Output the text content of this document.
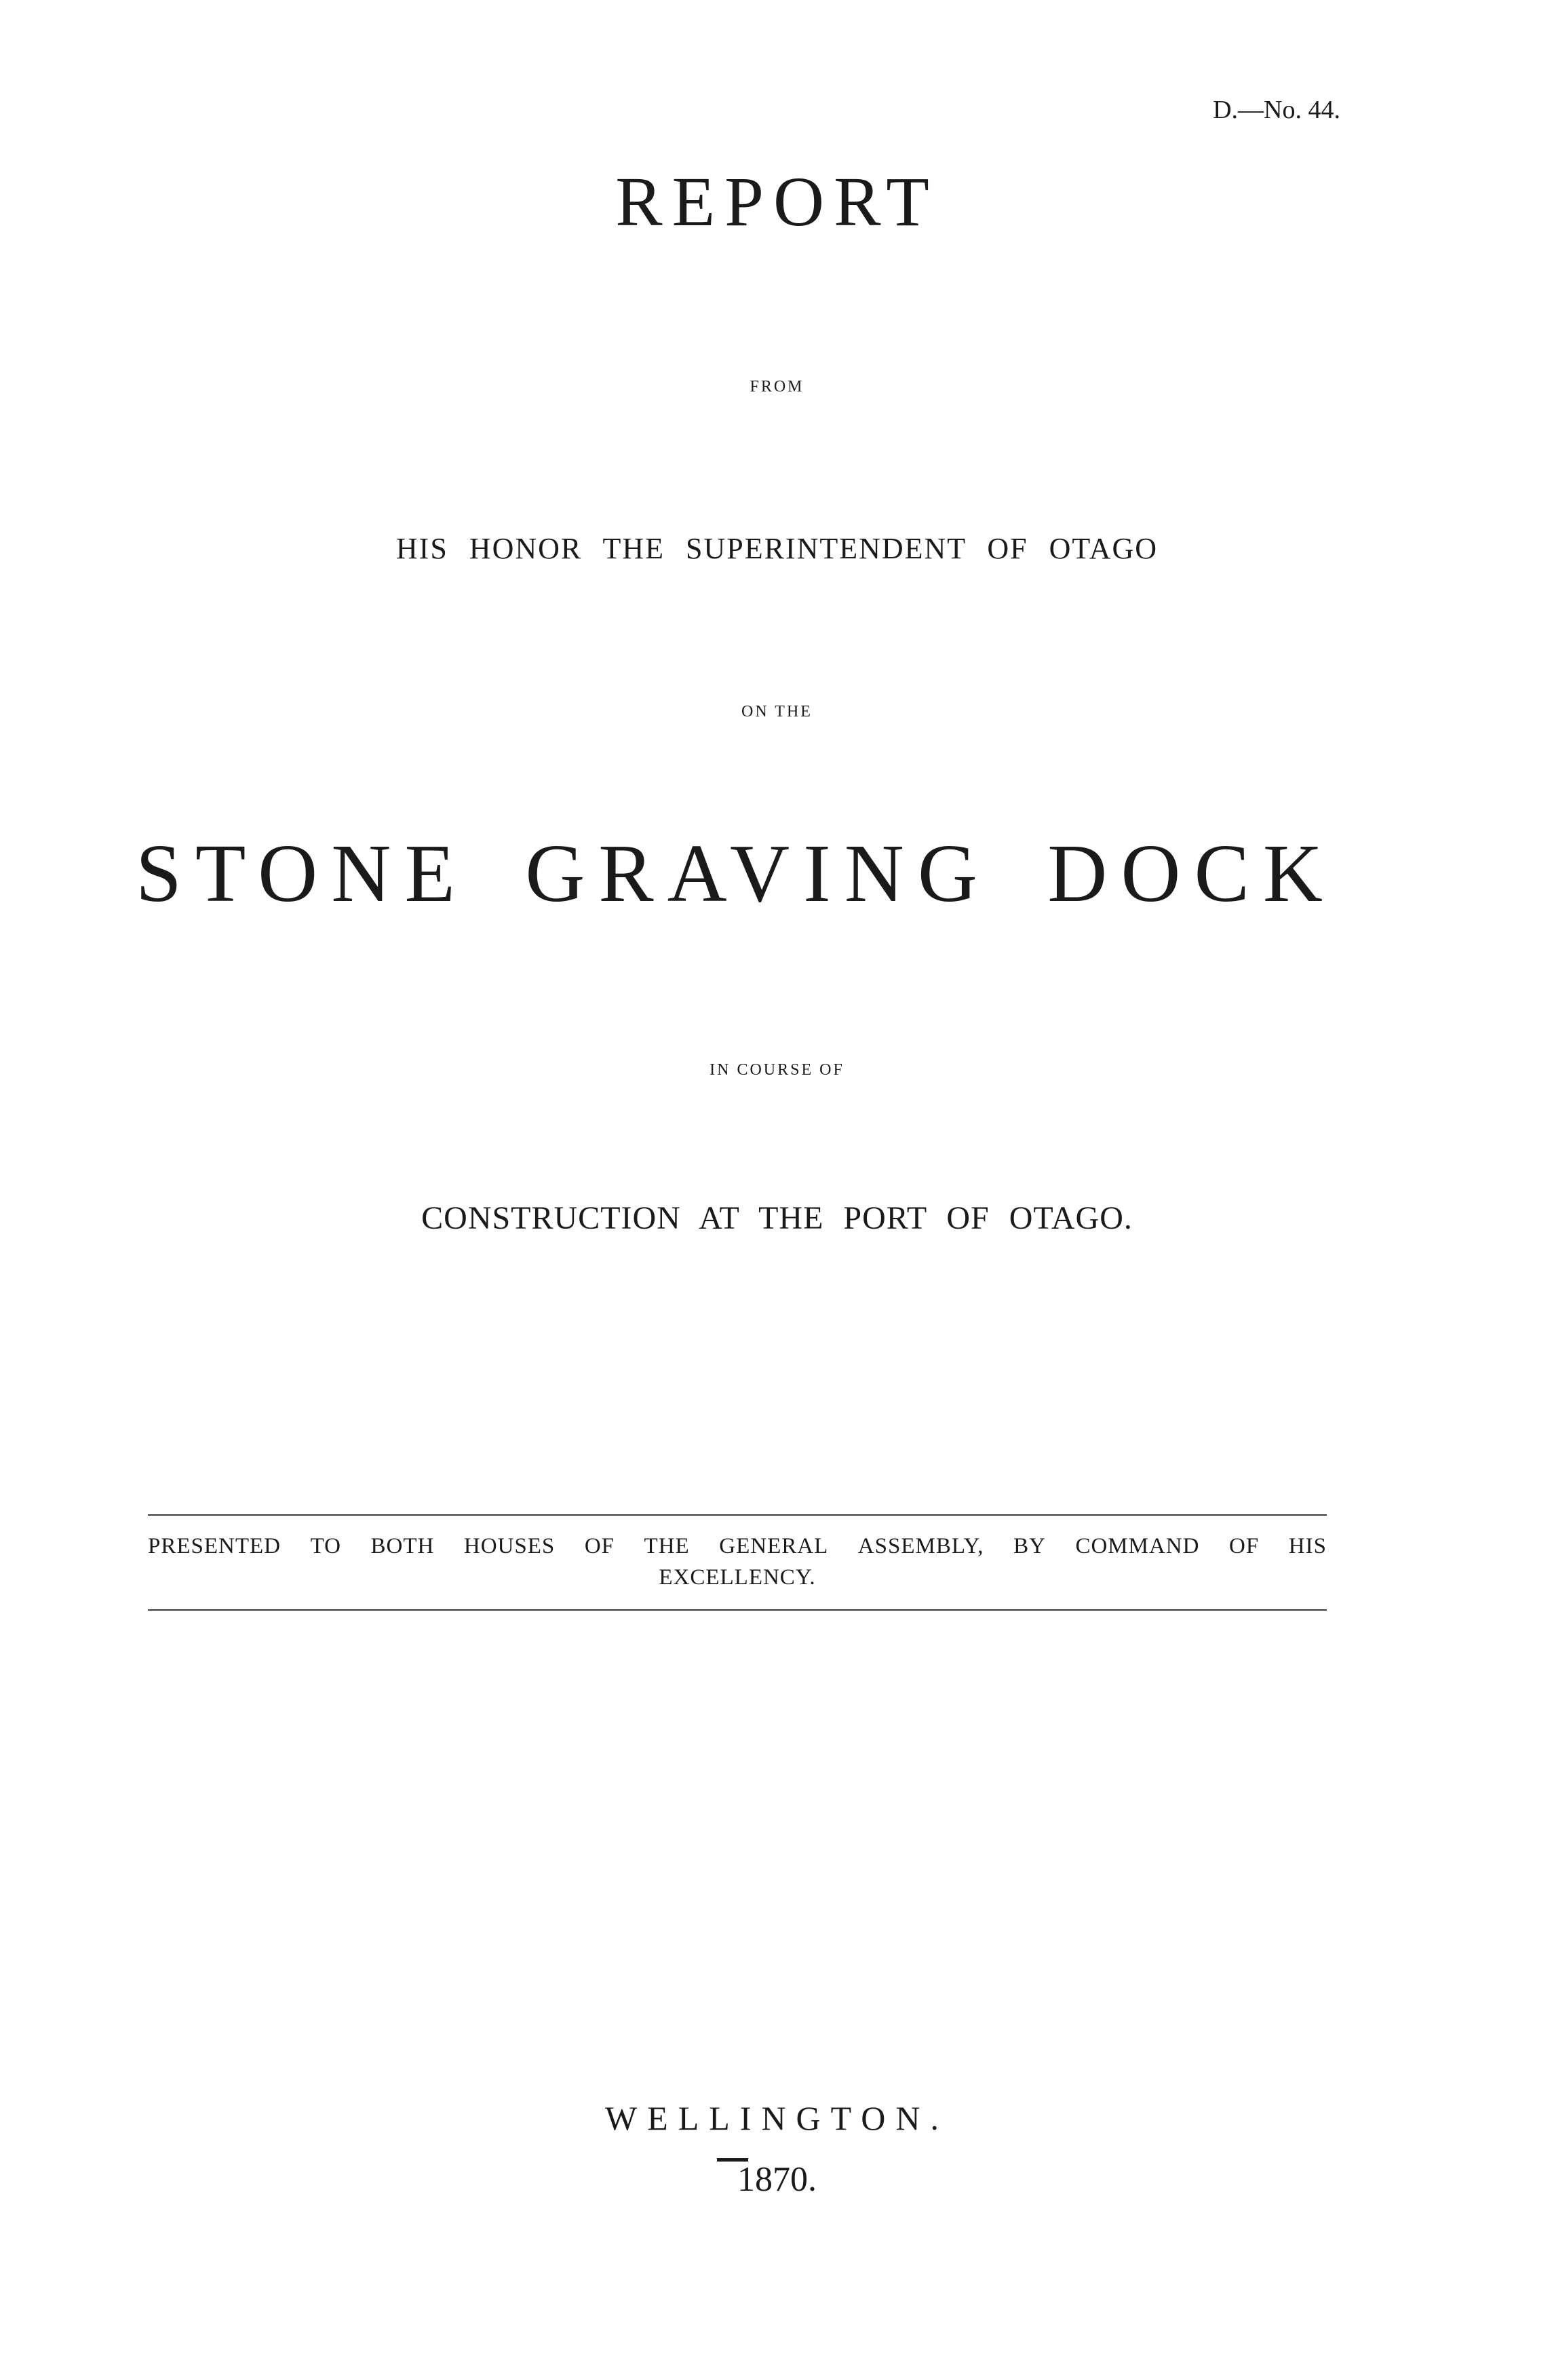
D.—No. 44.
REPORT
FROM
HIS HONOR THE SUPERINTENDENT OF OTAGO
ON THE
STONE GRAVING DOCK
IN COURSE OF
CONSTRUCTION AT THE PORT OF OTAGO.
PRESENTED TO BOTH HOUSES OF THE GENERAL ASSEMBLY, BY COMMAND OF HIS
EXCELLENCY.
WELLINGTON.
1870.
